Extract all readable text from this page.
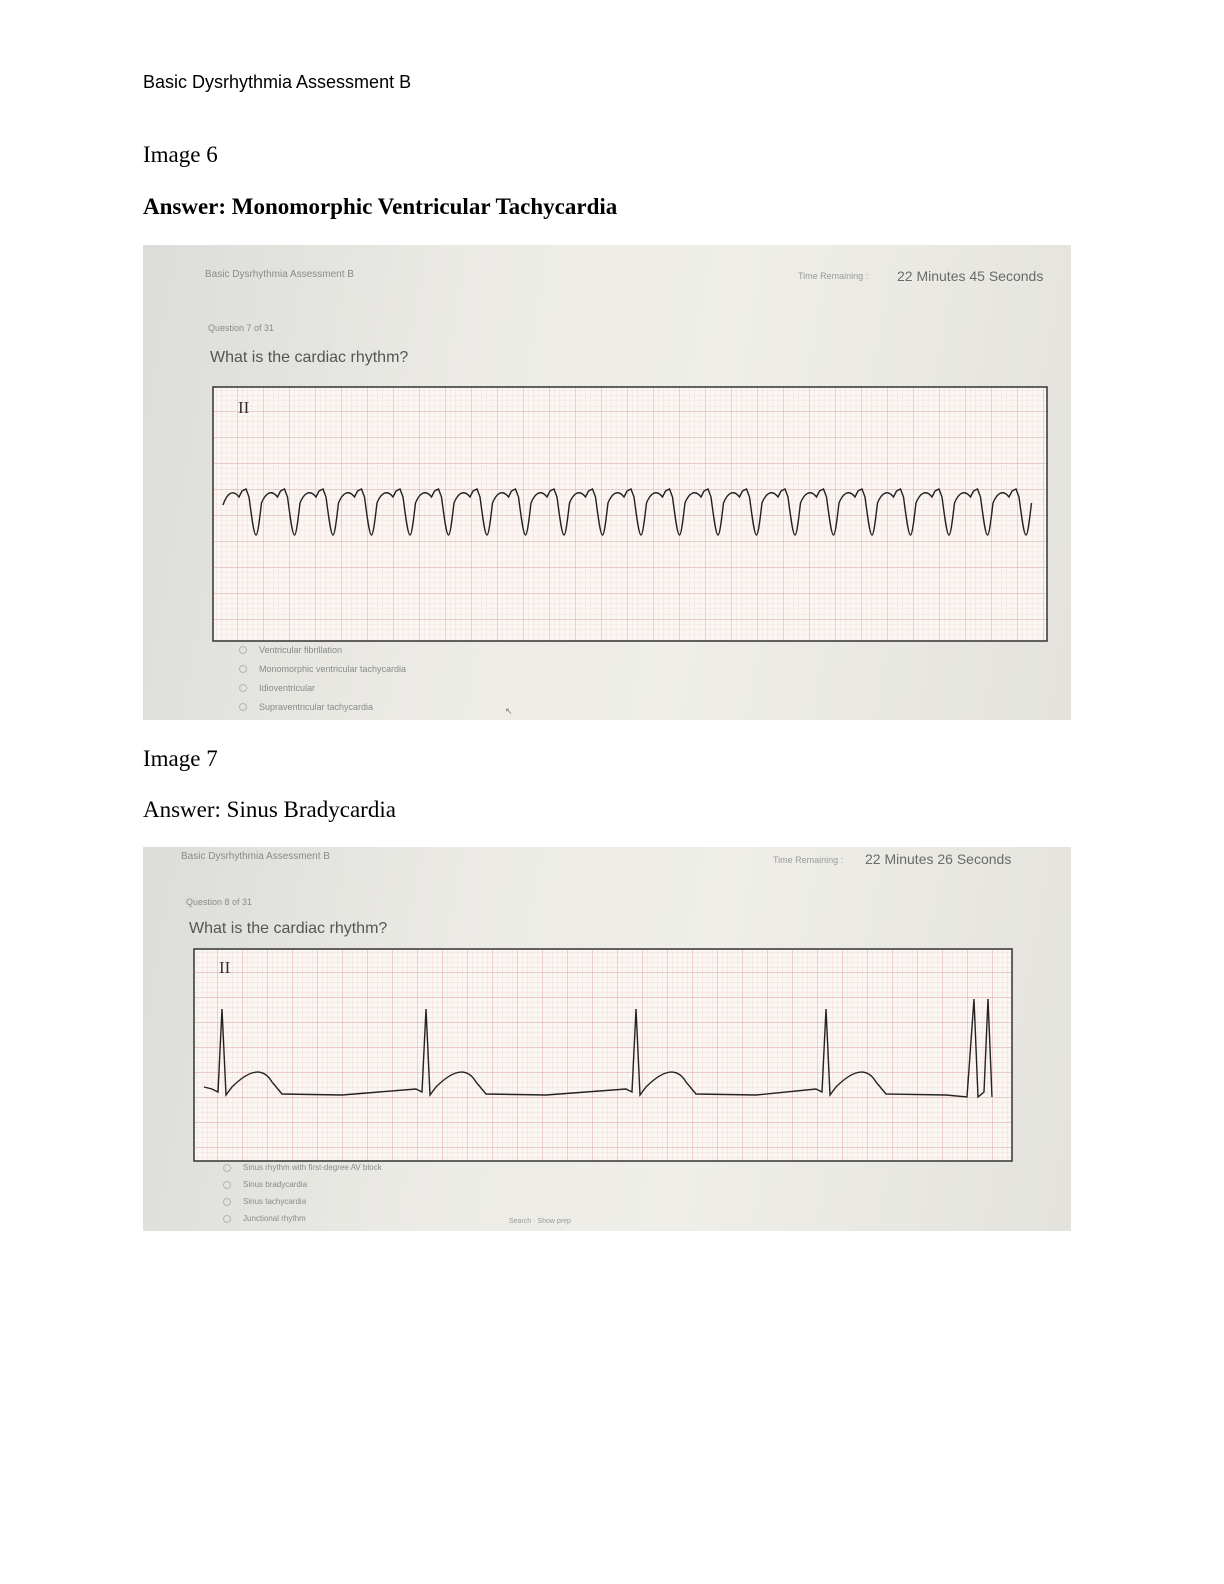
Basic Dysrhythmia Assessment B
Image 6
Answer: Monomorphic Ventricular Tachycardia
Basic Dysrhythmia Assessment B	Time Remaining : 22 Minutes 45 Seconds
Question 7 of 31
What is the cardiac rhythm?
II
Ventricular fibrillation
Monomorphic ventricular tachycardia
Idioventricular
Supraventricular tachycardia	↖
Image 7
Answer: Sinus Bradycardia
Basic Dysrhythmia Assessment B	Time Remaining : 22 Minutes 26 Seconds
Question 8 of 31
What is the cardiac rhythm?
II
Sinus rhythm with first-degree AV block
Sinus bradycardia
Sinus tachycardia
Junctional rhythm	Search · Show prep
